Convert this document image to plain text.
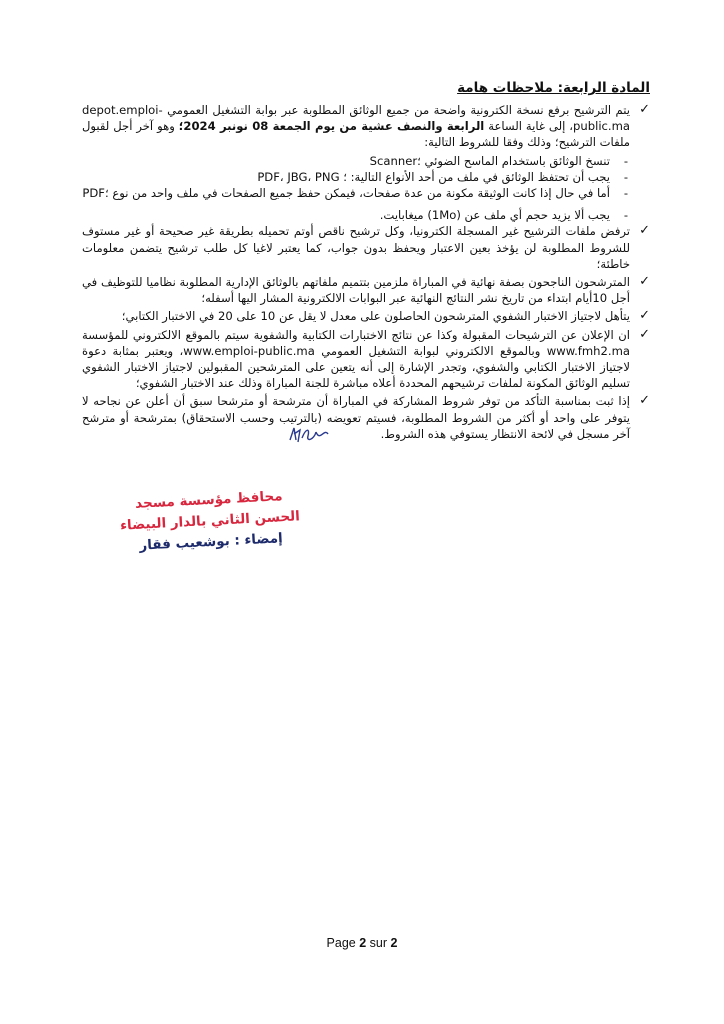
المادة الرابعة: ملاحظات هامة
✓
يتم الترشيح برفع نسخة الكترونية واضحة من جميع الوثائق المطلوبة عبر بوابة التشغيل العمومي depot.emploi-public.ma، إلى غاية الساعة الرابعة والنصف عشية من يوم الجمعة 08 نونبر 2024؛ وهو آخر أجل لقبول ملفات الترشيح؛ وذلك وفقا للشروط التالية:
-
تنسخ الوثائق باستخدام الماسح الضوئي Scanner؛
-
يجب أن تحتفظ الوثائق في ملف من أحد الأنواع التالية: PDF، JBG، PNG ؛
-
أما في حال إذا كانت الوثيقة مكونة من عدة صفحات، فيمكن حفظ جميع الصفحات في ملف واحد من نوع PDF؛
-
يجب ألا يزيد حجم أي ملف عن (1Mo) ميغابايت.
✓
ترفض ملفات الترشيح غير المسجلة الكترونيا، وكل ترشيح ناقص أوتم تحميله بطريقة غير صحيحة أو غير مستوف للشروط المطلوبة لن يؤخذ بعين الاعتبار ويحفظ بدون جواب، كما يعتبر لاغيا كل طلب ترشيح يتضمن معلومات خاطئة؛
✓
المترشحون الناجحون بصفة نهائية في المباراة ملزمين بتتميم ملفاتهم بالوثائق الإدارية المطلوبة نظاميا للتوظيف في أجل 10أيام ابتداء من تاريخ نشر النتائج النهائية عبر البوابات الالكترونية المشار اليها أسفله؛
✓
يتأهل لاجتياز الاختبار الشفوي المترشحون الحاصلون على معدل لا يقل عن 10 على 20 في الاختبار الكتابي؛
✓
ان الإعلان عن الترشيحات المقبولة وكذا عن نتائج الاختبارات الكتابية والشفوية سيتم بالموقع الالكتروني للمؤسسة www.fmh2.ma وبالموقع الالكتروني لبوابة التشغيل العمومي www.emploi-public.ma، ويعتبر بمثابة دعوة لاجتياز الاختبار الكتابي والشفوي، وتجدر الإشارة إلى أنه يتعين على المترشحين المقبولين لاجتياز الاختبار الشفوي تسليم الوثائق المكونة لملفات ترشيحهم المحددة أعلاه مباشرة للجنة المباراة وذلك عند الاختبار الشفوي؛
✓
إذا ثبت بمناسبة التأكد من توفر شروط المشاركة في المباراة أن مترشحة أو مترشحا سبق أن أعلن عن نجاحه لا يتوفر على واحد أو أكثر من الشروط المطلوبة، فسيتم تعويضه (بالترتيب وحسب الاستحقاق) بمترشحة أو مترشح آخر مسجل في لائحة الانتظار يستوفي هذه الشروط.
محافظ مؤسسة مسجد
الحسن الثاني بالدار البيضاء
إمضاء : بوشعيب فقار
Page 2 sur 2
